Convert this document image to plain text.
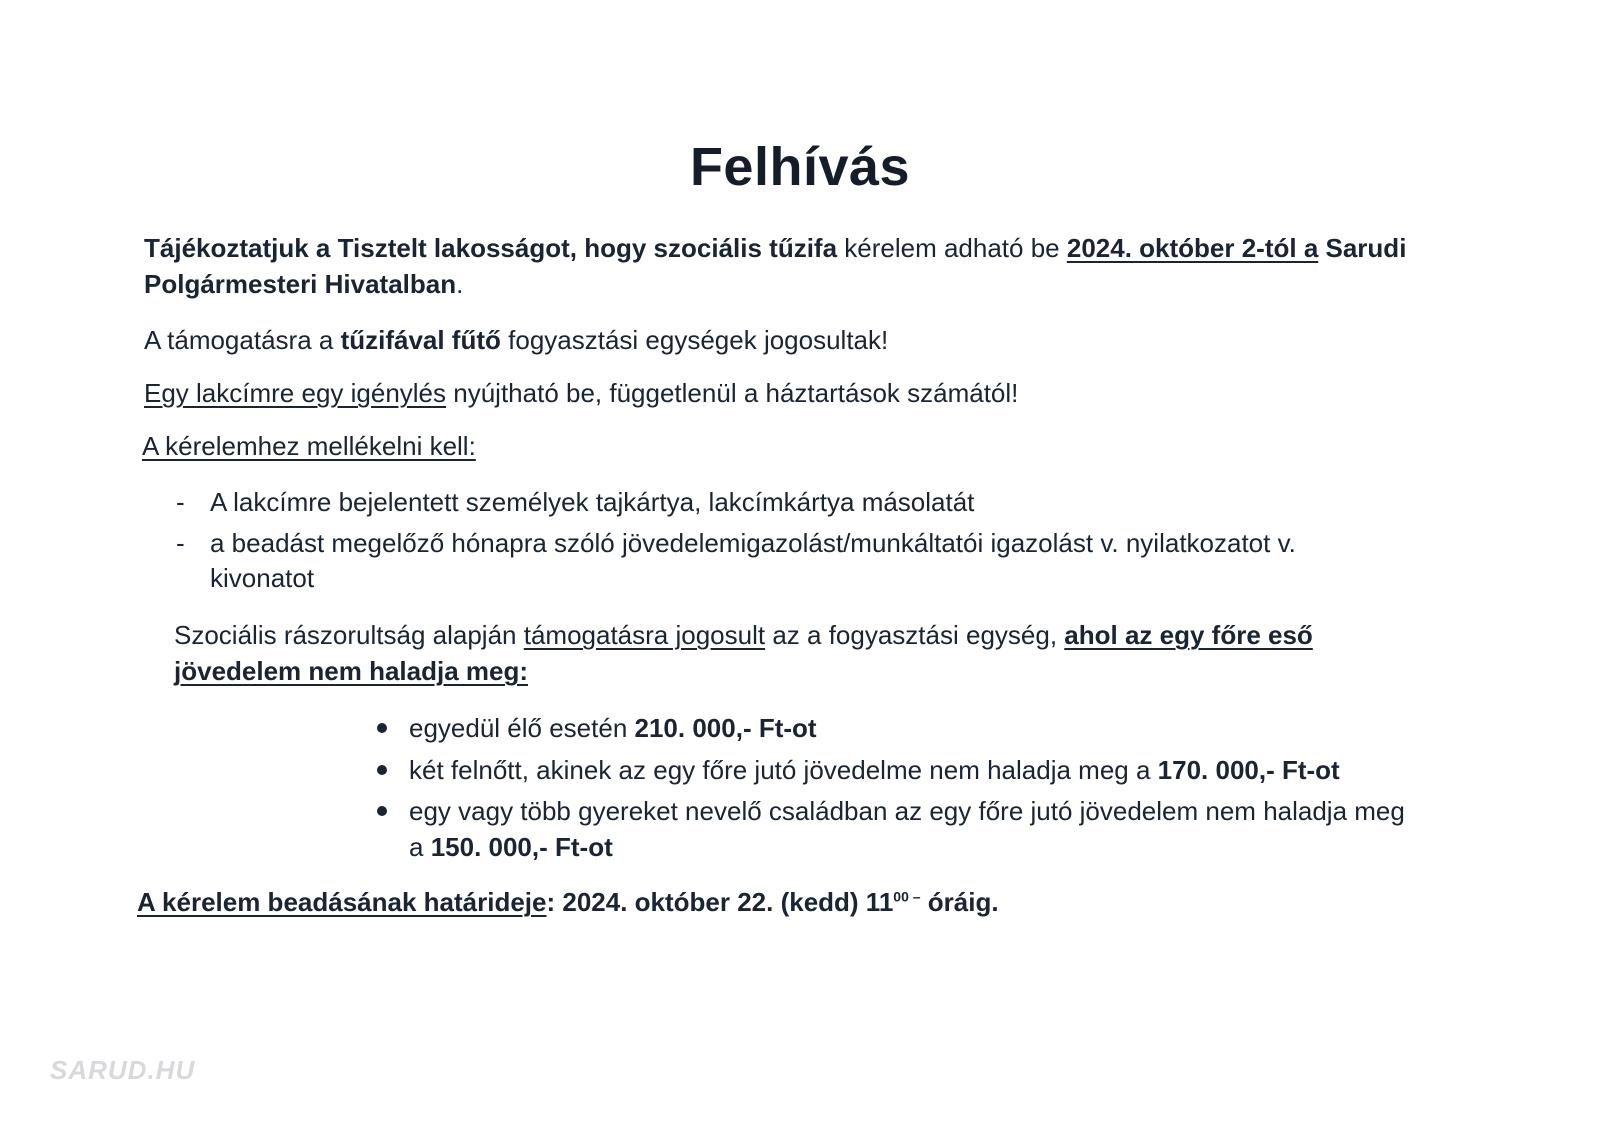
Felhívás
Tájékoztatjuk a Tisztelt lakosságot, hogy szociális tűzifa kérelem adható be 2024. október 2-tól a Sarudi
Polgármesteri Hivatalban.
A támogatásra a tűzifával fűtő fogyasztási egységek jogosultak!
Egy lakcímre egy igénylés nyújtható be, függetlenül a háztartások számától!
A kérelemhez mellékelni kell:
- A lakcímre bejelentett személyek tajkártya, lakcímkártya másolatát
- a beadást megelőző hónapra szóló jövedelemigazolást/munkáltatói igazolást v. nyilatkozatot v.
kivonatot
Szociális rászorultság alapján támogatásra jogosult az a fogyasztási egység, ahol az egy főre eső
jövedelem nem haladja meg:
egyedül élő esetén 210. 000,- Ft-ot
két felnőtt, akinek az egy főre jutó jövedelme nem haladja meg a 170. 000,- Ft-ot
egy vagy több gyereket nevelő családban az egy főre jutó jövedelem nem haladja meg
a 150. 000,- Ft-ot
A kérelem beadásának határideje: 2024. október 22. (kedd) $11^{00 -}$ óráig.
SARUD.HU
